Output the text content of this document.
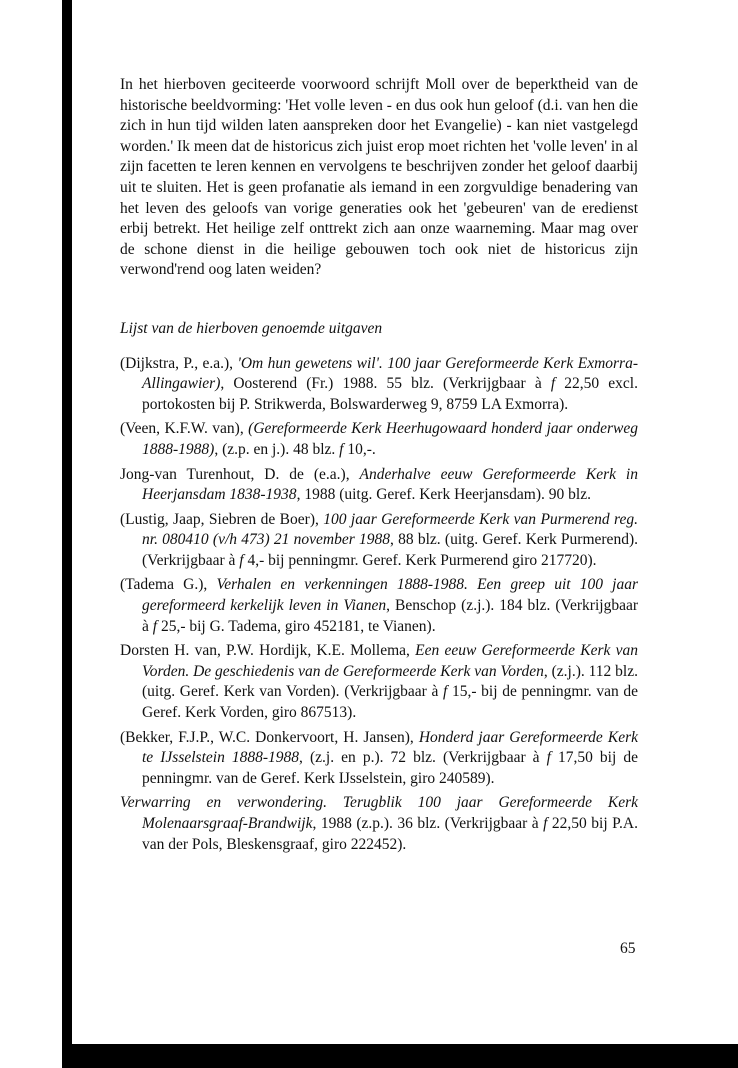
In het hierboven geciteerde voorwoord schrijft Moll over de beperktheid van de historische beeldvorming: 'Het volle leven - en dus ook hun geloof (d.i. van hen die zich in hun tijd wilden laten aanspreken door het Evangelie) - kan niet vastgelegd worden.' Ik meen dat de historicus zich juist erop moet richten het 'volle leven' in al zijn facetten te leren kennen en vervolgens te beschrijven zonder het geloof daarbij uit te sluiten. Het is geen profanatie als iemand in een zorgvuldige benadering van het leven des geloofs van vorige generaties ook het 'gebeuren' van de eredienst erbij betrekt. Het heilige zelf onttrekt zich aan onze waarneming. Maar mag over de schone dienst in die heilige gebouwen toch ook niet de historicus zijn verwond'rend oog laten weiden?

Lijst van de hierboven genoemde uitgaven

(Dijkstra, P., e.a.), 'Om hun gewetens wil'. 100 jaar Gereformeerde Kerk Exmorra-Allingawier), Oosterend (Fr.) 1988. 55 blz. (Verkrijgbaar à f 22,50 excl. portokosten bij P. Strikwerda, Bolswarderweg 9, 8759 LA Exmorra).

(Veen, K.F.W. van), (Gereformeerde Kerk Heerhugowaard honderd jaar onderweg 1888-1988), (z.p. en j.). 48 blz. f 10,-.

Jong-van Turenhout, D. de (e.a.), Anderhalve eeuw Gereformeerde Kerk in Heerjansdam 1838-1938, 1988 (uitg. Geref. Kerk Heerjansdam). 90 blz.

(Lustig, Jaap, Siebren de Boer), 100 jaar Gereformeerde Kerk van Purmerend reg. nr. 080410 (v/h 473) 21 november 1988, 88 blz. (uitg. Geref. Kerk Purmerend). (Verkrijgbaar à f 4,- bij penningmr. Geref. Kerk Purmerend giro 217720).

(Tadema G.), Verhalen en verkenningen 1888-1988. Een greep uit 100 jaar gereformeerd kerkelijk leven in Vianen, Benschop (z.j.). 184 blz. (Verkrijgbaar à f 25,- bij G. Tadema, giro 452181, te Vianen).

Dorsten H. van, P.W. Hordijk, K.E. Mollema, Een eeuw Gereformeerde Kerk van Vorden. De geschiedenis van de Gereformeerde Kerk van Vorden, (z.j.). 112 blz. (uitg. Geref. Kerk van Vorden). (Verkrijgbaar à f 15,- bij de penningmr. van de Geref. Kerk Vorden, giro 867513).

(Bekker, F.J.P., W.C. Donkervoort, H. Jansen), Honderd jaar Gereformeerde Kerk te IJsselstein 1888-1988, (z.j. en p.). 72 blz. (Verkrijgbaar à f 17,50 bij de penningmr. van de Geref. Kerk IJsselstein, giro 240589).

Verwarring en verwondering. Terugblik 100 jaar Gereformeerde Kerk Molenaarsgraaf-Brandwijk, 1988 (z.p.). 36 blz. (Verkrijgbaar à f 22,50 bij P.A. van der Pols, Bleskensgraaf, giro 222452).

65
